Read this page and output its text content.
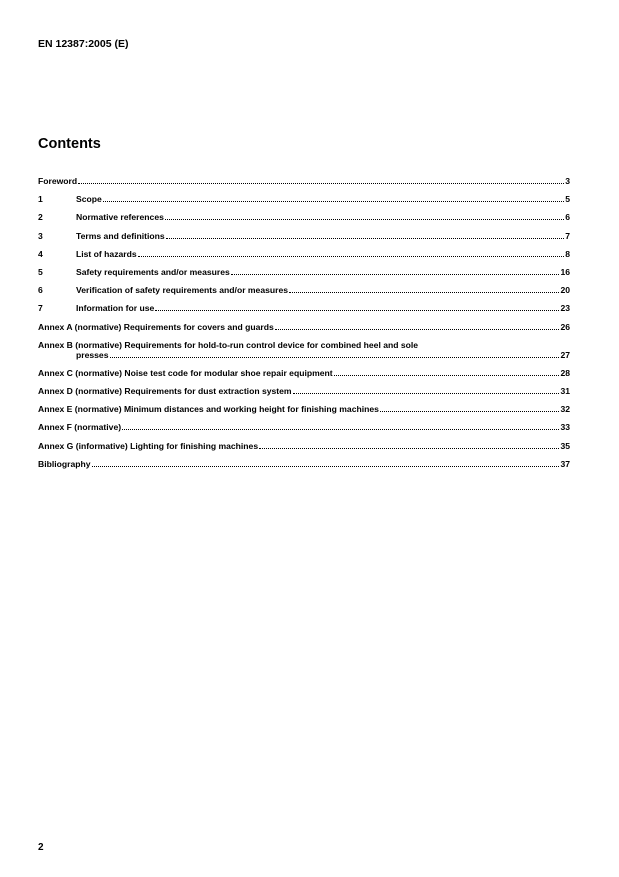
EN 12387:2005 (E)
Contents
Foreword	3
1	Scope	5
2	Normative references	6
3	Terms and definitions	7
4	List of hazards	8
5	Safety requirements and/or measures	16
6	Verification of safety requirements and/or measures	20
7	Information for use	23
Annex A (normative) Requirements for covers and guards	26
Annex B (normative) Requirements for hold-to-run control device for combined heel and sole
presses	27
Annex C (normative) Noise test code for modular shoe repair equipment	28
Annex D (normative) Requirements for dust extraction system	31
Annex E (normative) Minimum distances and working height for finishing machines	32
Annex F (normative)	33
Annex G (informative) Lighting for finishing machines	35
Bibliography	37
2
